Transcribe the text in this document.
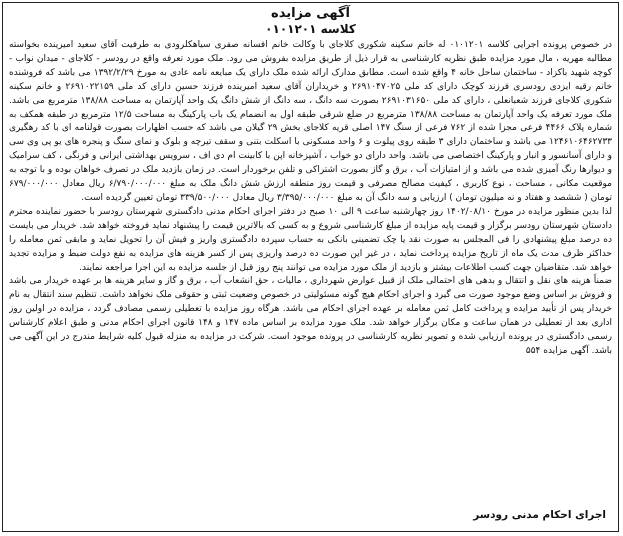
آگهی مزایده
کلاسه ۰۱۰۱۲۰۱

در خصوص پرونده اجرایی کلاسه ۰۱۰۱۲۰۱ له خانم سکینه شکوری کلاجای با وکالت خانم افسانه صفری سیاهکلرودی به طرفیت آقای سعید امیرینده بخواسته مطالبه مهریه ، مال مورد مزایده طبق نظریه کارشناسی به قرار ذیل از طریق مزایده بفروش می رود. ملک مورد تعرفه واقع در رودسر - کلاجای - میدان نواب - کوچه شهید باکزاد - ساختمان ساحل خانه ۴ واقع شده است. مطابق مدارک ارائه شده ملک دارای یک مبایعه نامه عادی به مورخ ۱۳۹۲/۲/۲۹ می باشد که فروشنده خانم رقیه ایزدی رودسری فرزند کوچک دارای کد ملی ۲۶۹۱۰۴۷۰۲۵ و خریداران آقای سعید امیرینده فرزند حسین دارای کد ملی ۲۶۹۱۰۲۲۱۵۹ و خانم سکینه شکوری کلاجای فرزند شعبانعلی ، دارای کد ملی ۲۶۹۱۰۳۱۶۵۰ بصورت سه دانگ ، سه دانگ از شش دانگ یک واحد آپارتمان به مساحت ۱۳۸/۸۸ مترمربع می باشد. ملک مورد تعرفه یک واحد آپارتمان به مساحت ۱۳۸/۸۸ مترمربع در ضلع شرقی طبقه اول به انضمام یک باب پارکینگ به مساحت ۱۲/۵ مترمربع در طبقه همکف به شماره پلاک ۴۴۶۶ فرعی مجزا شده از ۷۶۲ فرعی از سنگ ۱۴۷ اصلی قریه کلاجای بخش ۲۹ گیلان می باشد که حسب اظهارات بصورت قولنامه ای با کد رهگیری ۱۲۴۶۱۰۶۴۶۲۷۳۳ می باشد و ساختمان دارای ۳ طبقه روی پیلوت و ۶ واحد مسکونی با اسکلت بتنی و سقف تیرچه و بلوک و نمای سنگ و پنجره های یو پی وی سی و دارای آسانسور و انبار و پارکینگ اختصاصی می باشد. واحد دارای دو خواب ، آشپزخانه اپن با کابینت ام دی اف ، سرویس بهداشتی ایرانی و فرنگی ، کف سرامیک و دیوارها رنگ آمیزی شده می باشد و از امتیازات آب ، برق و گاز بصورت اشتراکی و تلفن برخوردار است. در زمان بازدید ملک در تصرف خواهان بوده و با توجه به موقعیت مکانی ، مساحت ، نوع کاربری ، کیفیت مصالح مصرفی و قیمت روز منطقه ارزش شش دانگ ملک به مبلغ ۶/۷۹۰/۰۰۰/۰۰۰ ریال معادل ۶۷۹/۰۰۰/۰۰۰ تومان ( ششصد و هفتاد و نه میلیون تومان ) ارزیابی و سه دانگ آن به مبلغ ۳/۳۹۵/۰۰۰/۰۰۰ ریال معادل ۳۳۹/۵۰۰/۰۰۰ تومان تعیین گردیده است.

لذا بدین منظور مزایده در مورخ ۱۴۰۲/۰۸/۱۰ روز چهارشنبه ساعت ۹ الی ۱۰ صبح در دفتر اجرای احکام مدنی دادگستری شهرستان رودسر با حضور نماینده محترم دادستان شهرستان رودسر برگزار و قیمت پایه مزایده از مبلغ کارشناسی شروع و به کسی که بالاترین قیمت را پیشنهاد نماید فروخته خواهد شد. خریدار می بایست ده درصد مبلغ پیشنهادی را فی المجلس به صورت نقد یا چک تضمینی بانکی به حساب سپرده دادگستری واریز و فیش آن را تحویل نماید و مابقی ثمن معامله را حداکثر ظرف مدت یک ماه از تاریخ مزایده پرداخت نماید ، در غیر این صورت ده درصد واریزی پس از کسر هزینه های مزایده به نفع دولت ضبط و مزایده تجدید خواهد شد. متقاضیان جهت کسب اطلاعات بیشتر و بازدید از ملک مورد مزایده می توانند پنج روز قبل از جلسه مزایده به این اجرا مراجعه نمایند.

ضمناً هزینه های نقل و انتقال و بدهی های احتمالی ملک از قبیل عوارض شهرداری ، مالیات ، حق انشعاب آب ، برق و گاز و سایر هزینه ها بر عهده خریدار می باشد و فروش بر اساس وضع موجود صورت می گیرد و اجرای احکام هیچ گونه مسئولیتی در خصوص وضعیت ثبتی و حقوقی ملک نخواهد داشت. تنظیم سند انتقال به نام خریدار پس از تأیید مزایده و پرداخت کامل ثمن معامله بر عهده اجرای احکام می باشد. هرگاه روز مزایده با تعطیلی رسمی مصادف گردد ، مزایده در اولین روز اداری بعد از تعطیلی در همان ساعت و مکان برگزار خواهد شد. ملک مورد مزایده بر اساس ماده ۱۴۷ و ۱۴۸ قانون اجرای احکام مدنی و طبق اعلام کارشناس رسمی دادگستری در پرونده ارزیابی شده و تصویر نظریه کارشناسی در پرونده موجود است. شرکت در مزایده به منزله قبول کلیه شرایط مندرج در این آگهی می باشد. آگهی مزایده ۵۵۴

اجرای احکام مدنی رودسر
